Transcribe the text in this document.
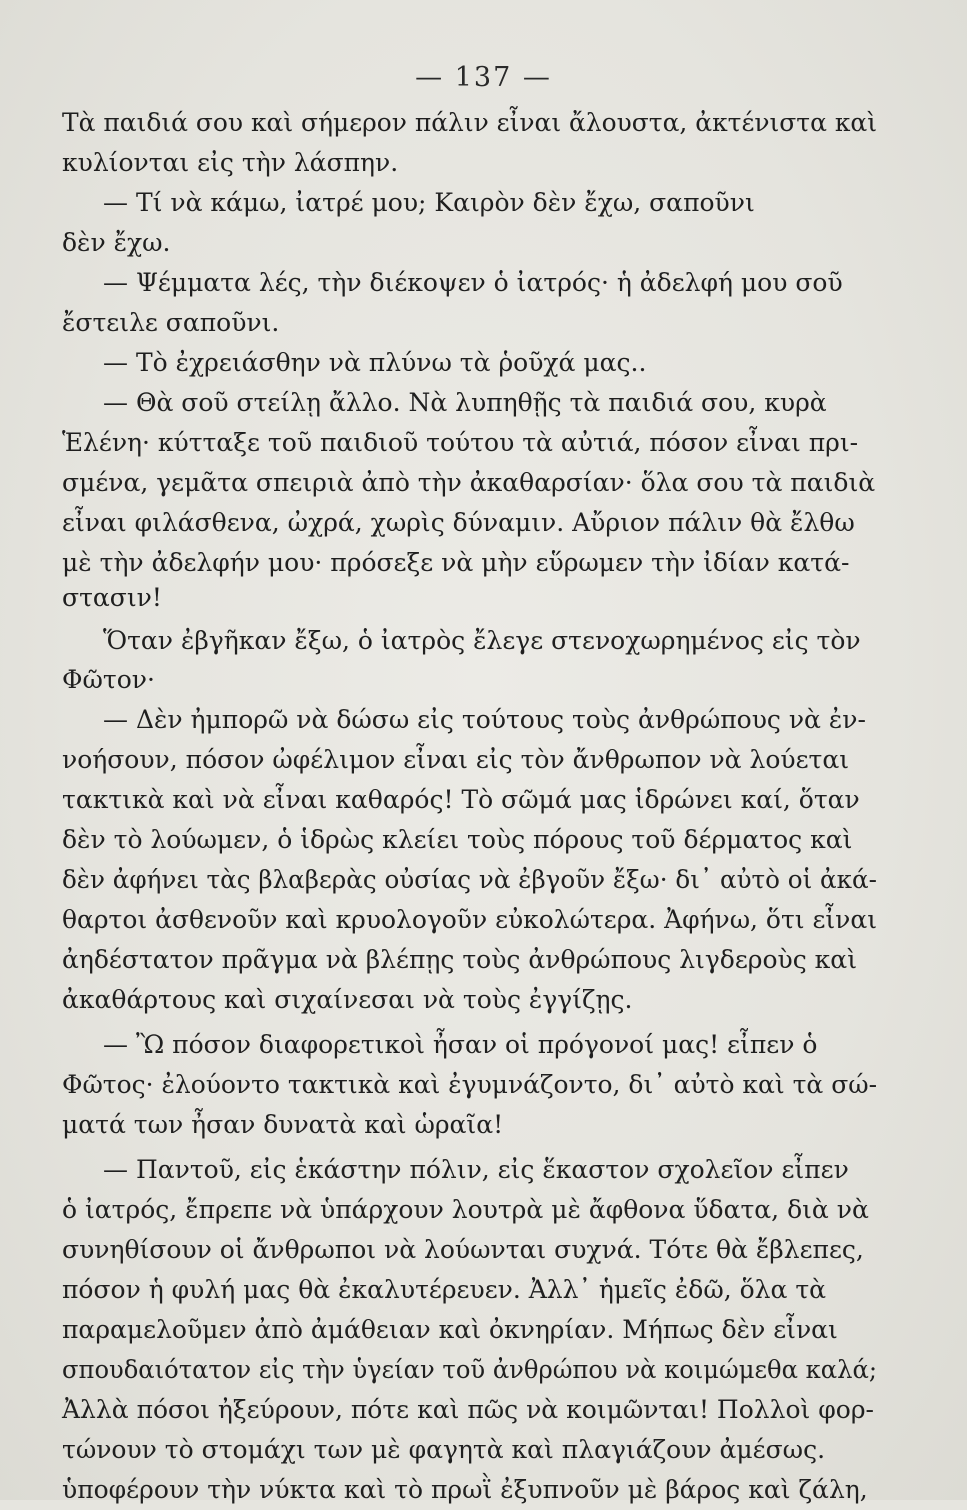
— 137 —
Τὰ παιδιά σου καὶ σήμερον πάλιν εἶναι ἄλουστα, ἀκτένιστα καὶ
κυλίονται εἰς τὴν λάσπην.
— Τί νὰ κάμω, ἰατρέ μου; Καιρὸν δὲν ἔχω, σαποῦνι
δὲν ἔχω.
— Ψέμματα λές, τὴν διέκοψεν ὁ ἰατρός· ἡ ἀδελφή μου σοῦ
ἔστειλε σαποῦνι.
— Τὸ ἐχρειάσθην νὰ πλύνω τὰ ῥοῦχά μας..
— Θὰ σοῦ στείλῃ ἄλλο. Νὰ λυπηθῇς τὰ παιδιά σου, κυρὰ
Ἑλένη· κύτταξε τοῦ παιδιοῦ τούτου τὰ αὐτιά, πόσον εἶναι πρι-
σμένα, γεμᾶτα σπειριὰ ἀπὸ τὴν ἀκαθαρσίαν· ὅλα σου τὰ παιδιὰ
εἶναι φιλάσθενα, ὠχρά, χωρὶς δύναμιν. Αὔριον πάλιν θὰ ἔλθω
μὲ τὴν ἀδελφήν μου· πρόσεξε νὰ μὴν εὕρωμεν τὴν ἰδίαν κατά-
στασιν!
Ὅταν ἐβγῆκαν ἔξω, ὁ ἰατρὸς ἔλεγε στενοχωρημένος εἰς τὸν
Φῶτον·
— Δὲν ἠμπορῶ νὰ δώσω εἰς τούτους τοὺς ἀνθρώπους νὰ ἐν-
νοήσουν, πόσον ὠφέλιμον εἶναι εἰς τὸν ἄνθρωπον νὰ λούεται
τακτικὰ καὶ νὰ εἶναι καθαρός! Τὸ σῶμά μας ἱδρώνει καί, ὅταν
δὲν τὸ λούωμεν, ὁ ἱδρὼς κλείει τοὺς πόρους τοῦ δέρματος καὶ
δὲν ἀφήνει τὰς βλαβερὰς οὐσίας νὰ ἐβγοῦν ἔξω· δι᾿ αὐτὸ οἱ ἀκά-
θαρτοι ἀσθενοῦν καὶ κρυολογοῦν εὐκολώτερα. Ἀφήνω, ὅτι εἶναι
ἀηδέστατον πρᾶγμα νὰ βλέπῃς τοὺς ἀνθρώπους λιγδεροὺς καὶ
ἀκαθάρτους καὶ σιχαίνεσαι νὰ τοὺς ἐγγίζῃς.
— Ὢ πόσον διαφορετικοὶ ἦσαν οἱ πρόγονοί μας! εἶπεν ὁ
Φῶτος· ἐλούοντο τακτικὰ καὶ ἐγυμνάζοντο, δι᾿ αὐτὸ καὶ τὰ σώ-
ματά των ἦσαν δυνατὰ καὶ ὡραῖα!
— Παντοῦ, εἰς ἑκάστην πόλιν, εἰς ἕκαστον σχολεῖον εἶπεν
ὁ ἰατρός, ἔπρεπε νὰ ὑπάρχουν λουτρὰ μὲ ἄφθονα ὕδατα, διὰ νὰ
συνηθίσουν οἱ ἄνθρωποι νὰ λούωνται συχνά. Τότε θὰ ἔβλεπες,
πόσον ἡ φυλή μας θὰ ἐκαλυτέρευεν. Ἀλλ᾿ ἡμεῖς ἐδῶ, ὅλα τὰ
παραμελοῦμεν ἀπὸ ἀμάθειαν καὶ ὀκνηρίαν. Μήπως δὲν εἶναι
σπουδαιότατον εἰς τὴν ὑγείαν τοῦ ἀνθρώπου νὰ κοιμώμεθα καλά;
Ἀλλὰ πόσοι ἠξεύρουν, πότε καὶ πῶς νὰ κοιμῶνται! Πολλοὶ φορ-
τώνουν τὸ στομάχι των μὲ φαγητὰ καὶ πλαγιάζουν ἀμέσως.
ὑποφέρουν τὴν νύκτα καὶ τὸ πρωῒ ἐξυπνοῦν μὲ βάρος καὶ ζάλη,
